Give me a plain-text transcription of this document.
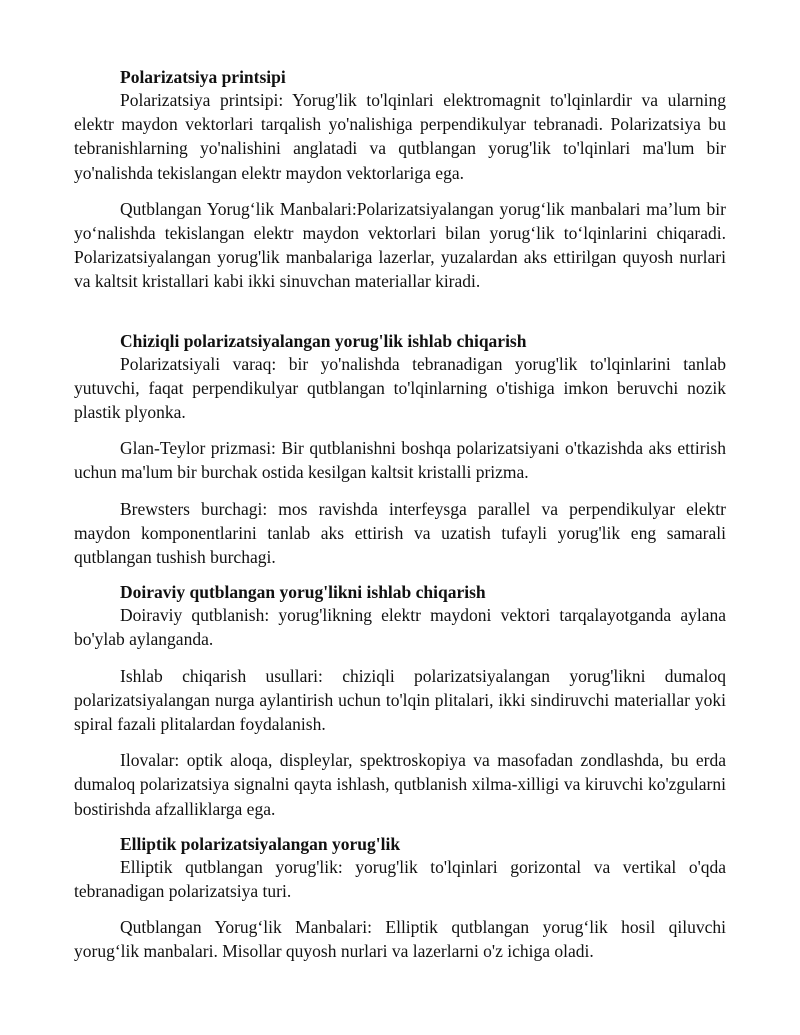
Polarizatsiya printsipi

Polarizatsiya printsipi: Yorug'lik to'lqinlari elektromagnit to'lqinlardir va ularning elektr maydon vektorlari tarqalish yo'nalishiga perpendikulyar tebranadi. Polarizatsiya bu tebranishlarning yo'nalishini anglatadi va qutblangan yorug'lik to'lqinlari ma'lum bir yo'nalishda tekislangan elektr maydon vektorlariga ega.

Qutblangan Yorug‘lik Manbalari:Polarizatsiyalangan yorug‘lik manbalari ma’lum bir yo‘nalishda tekislangan elektr maydon vektorlari bilan yorug‘lik to‘lqinlarini chiqaradi. Polarizatsiyalangan yorug'lik manbalariga lazerlar, yuzalardan aks ettirilgan quyosh nurlari va kaltsit kristallari kabi ikki sinuvchan materiallar kiradi.

Chiziqli polarizatsiyalangan yorug'lik ishlab chiqarish

Polarizatsiyali varaq: bir yo'nalishda tebranadigan yorug'lik to'lqinlarini tanlab yutuvchi, faqat perpendikulyar qutblangan to'lqinlarning o'tishiga imkon beruvchi nozik plastik plyonka.

Glan-Teylor prizmasi: Bir qutblanishni boshqa polarizatsiyani o'tkazishda aks ettirish uchun ma'lum bir burchak ostida kesilgan kaltsit kristalli prizma.

Brewsters burchagi: mos ravishda interfeysga parallel va perpendikulyar elektr maydon komponentlarini tanlab aks ettirish va uzatish tufayli yorug'lik eng samarali qutblangan tushish burchagi.

Doiraviy qutblangan yorug'likni ishlab chiqarish

Doiraviy qutblanish: yorug'likning elektr maydoni vektori tarqalayotganda aylana bo'ylab aylanganda.

Ishlab chiqarish usullari: chiziqli polarizatsiyalangan yorug'likni dumaloq polarizatsiyalangan nurga aylantirish uchun to'lqin plitalari, ikki sindiruvchi materiallar yoki spiral fazali plitalardan foydalanish.

Ilovalar: optik aloqa, displeylar, spektroskopiya va masofadan zondlashda, bu erda dumaloq polarizatsiya signalni qayta ishlash, qutblanish xilma-xilligi va kiruvchi ko'zgularni bostirishda afzalliklarga ega.

Elliptik polarizatsiyalangan yorug'lik

Elliptik qutblangan yorug'lik: yorug'lik to'lqinlari gorizontal va vertikal o'qda tebranadigan polarizatsiya turi.

Qutblangan Yorug‘lik Manbalari: Elliptik qutblangan yorug‘lik hosil qiluvchi yorug‘lik manbalari. Misollar quyosh nurlari va lazerlarni o'z ichiga oladi.
